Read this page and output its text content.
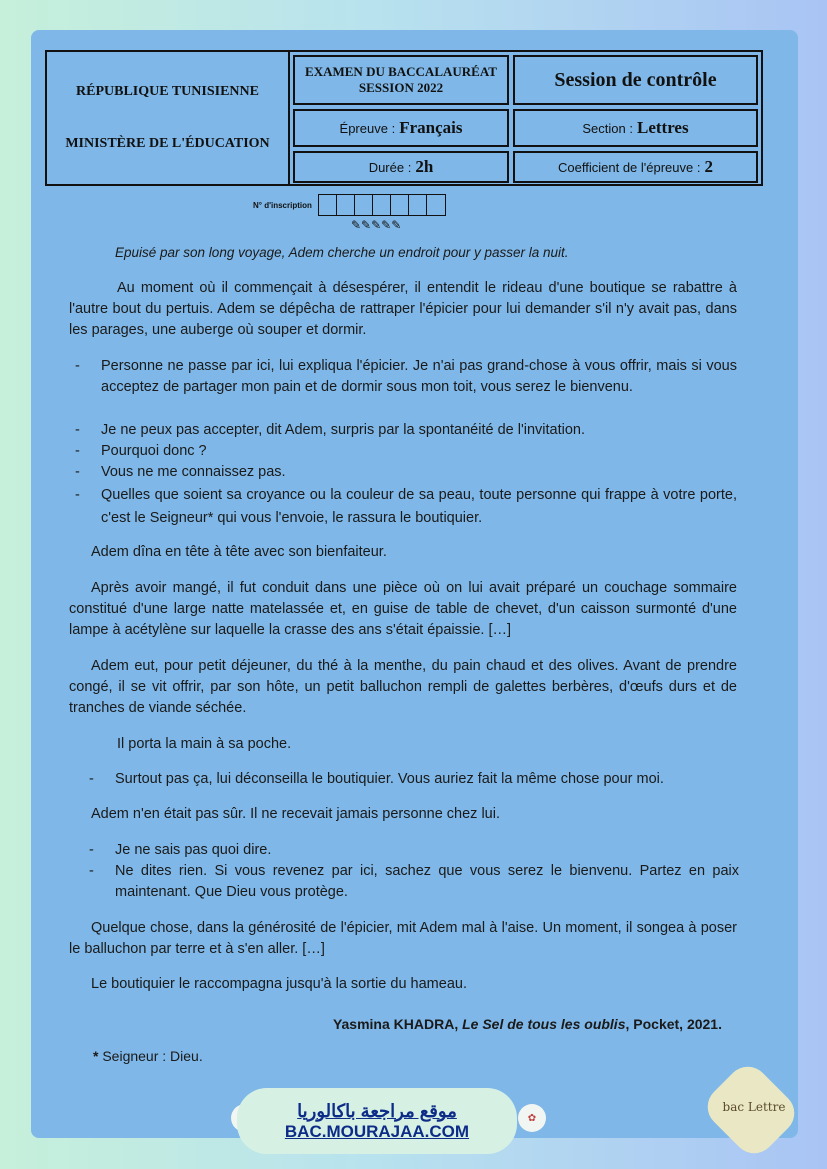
RÉPUBLIQUE TUNISIENNE
MINISTÈRE DE L'ÉDUCATION
EXAMEN DU BACCALAURÉAT
SESSION 2022	Session de contrôle
Épreuve : Français	Section : Lettres
Durée : 2h	Coefficient de l'épreuve : 2
N° d'inscription
✎✎✎✎✎
Epuisé par son long voyage, Adem cherche un endroit pour y passer la nuit.
Au moment où il commençait à désespérer, il entendit le rideau d'une boutique se rabattre à l'autre bout du pertuis. Adem se dépêcha de rattraper l'épicier pour lui demander s'il n'y avait pas, dans les parages, une auberge où souper et dormir.
-	Personne ne passe par ici, lui expliqua l'épicier. Je n'ai pas grand-chose à vous offrir, mais si vous acceptez de partager mon pain et de dormir sous mon toit, vous serez le bienvenu.
-	Je ne peux pas accepter, dit Adem, surpris par la spontanéité de l'invitation.
-	Pourquoi donc ?
-	Vous ne me connaissez pas.
-	Quelles que soient sa croyance ou la couleur de sa peau, toute personne qui frappe à votre porte, c'est le Seigneur* qui vous l'envoie, le rassura le boutiquier.
Adem dîna en tête à tête avec son bienfaiteur.
Après avoir mangé, il fut conduit dans une pièce où on lui avait préparé un couchage sommaire constitué d'une large natte matelassée et, en guise de table de chevet, d'un caisson surmonté d'une lampe à acétylène sur laquelle la crasse des ans s'était épaissie. […]
Adem eut, pour petit déjeuner, du thé à la menthe, du pain chaud et des olives. Avant de prendre congé, il se vit offrir, par son hôte, un petit balluchon rempli de galettes berbères, d'œufs durs et de tranches de viande séchée.
Il porta la main à sa poche.
-	Surtout pas ça, lui déconseilla le boutiquier. Vous auriez fait la même chose pour moi.
Adem n'en était pas sûr. Il ne recevait jamais personne chez lui.
-	Je ne sais pas quoi dire.
-	Ne dites rien. Si vous revenez par ici, sachez que vous serez le bienvenu. Partez en paix maintenant. Que Dieu vous protège.
Quelque chose, dans la générosité de l'épicier, mit Adem mal à l'aise. Un moment, il songea à poser le balluchon par terre et à s'en aller. […]
Le boutiquier le raccompagna jusqu'à la sortie du hameau.
Yasmina KHADRA, Le Sel de tous les oublis, Pocket, 2021.
* Seigneur : Dieu.
موقع مراجعة باكالوريا
BAC.MOURAJAA.COM
✿
bac Lettre
